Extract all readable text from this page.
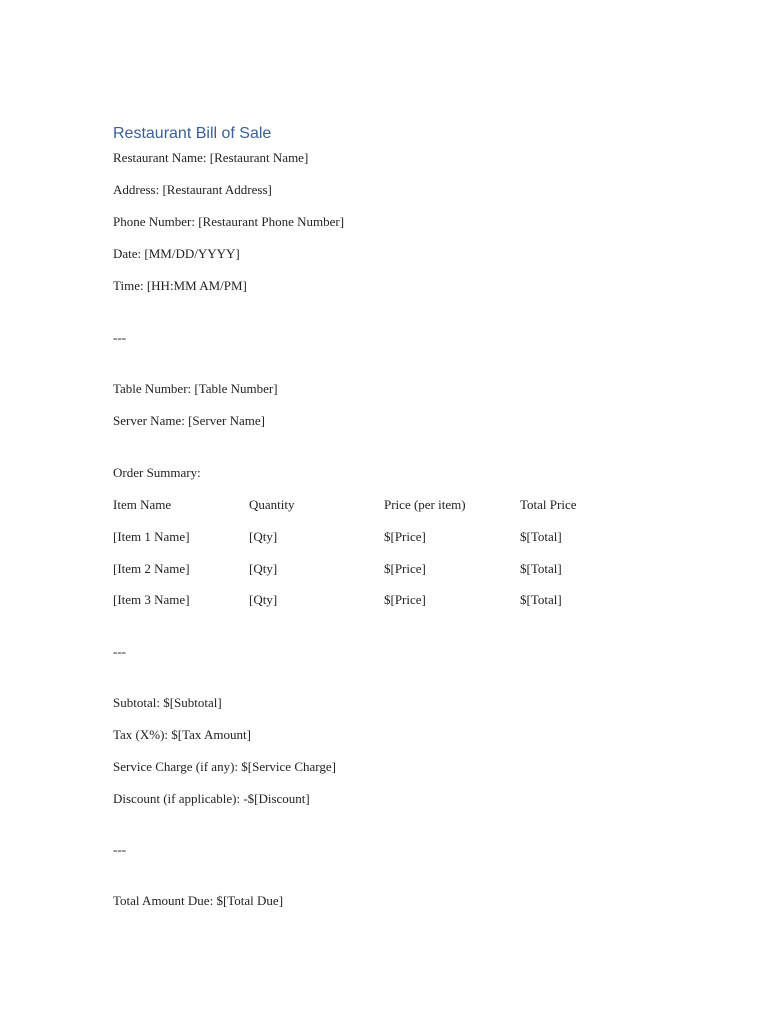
Restaurant Bill of Sale
Restaurant Name: [Restaurant Name]
Address: [Restaurant Address]
Phone Number: [Restaurant Phone Number]
Date: [MM/DD/YYYY]
Time: [HH:MM AM/PM]
---
Table Number: [Table Number]
Server Name: [Server Name]
Order Summary:
Item Name	Quantity	Price (per item)	Total Price
[Item 1 Name]	[Qty]	$[Price]	$[Total]
[Item 2 Name]	[Qty]	$[Price]	$[Total]
[Item 3 Name]	[Qty]	$[Price]	$[Total]
---
Subtotal: $[Subtotal]
Tax (X%): $[Tax Amount]
Service Charge (if any): $[Service Charge]
Discount (if applicable): -$[Discount]
---
Total Amount Due: $[Total Due]
